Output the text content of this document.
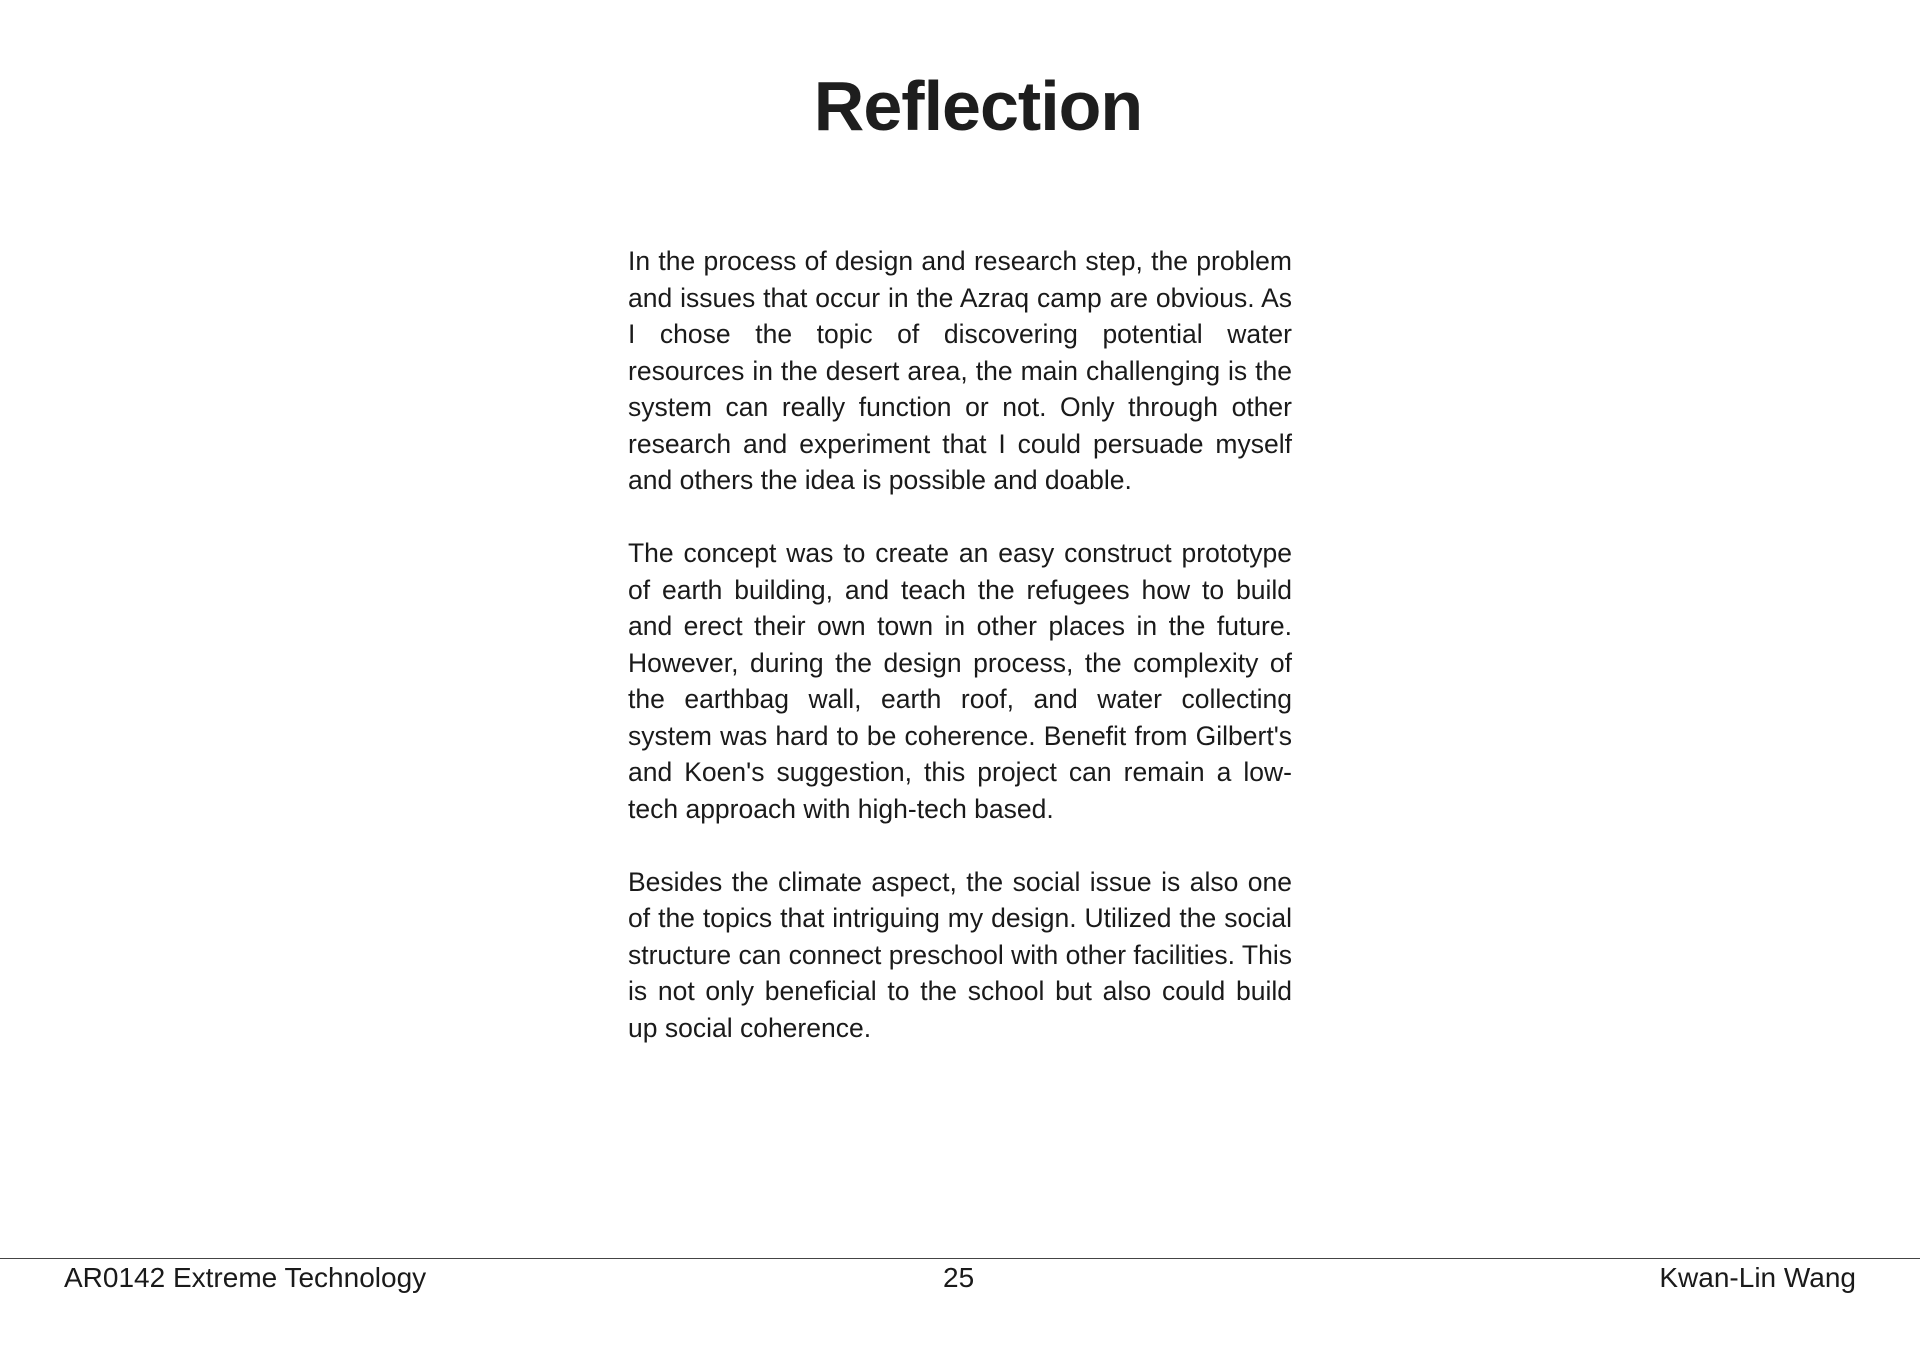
Reflection

In the process of design and research step, the problem and issues that occur in the Azraq camp are obvious. As I chose the topic of discovering potential water resources in the desert area, the main challenging is the system can really function or not. Only through other research and experiment that I could persuade myself and others the idea is possible and doable.

The concept was to create an easy construct prototype of earth building, and teach the refugees how to build and erect their own town in other places in the future. However, during the design process, the complexity of the earthbag wall, earth roof, and water collecting system was hard to be coherence. Benefit from Gilbert's and Koen's suggestion, this project can remain a low-tech approach with high-tech based.

Besides the climate aspect, the social issue is also one of the topics that intriguing my design. Utilized the social structure can connect preschool with other facilities. This is not only beneficial to the school but also could build up social coherence.

AR0142 Extreme Technology	25	Kwan-Lin Wang
